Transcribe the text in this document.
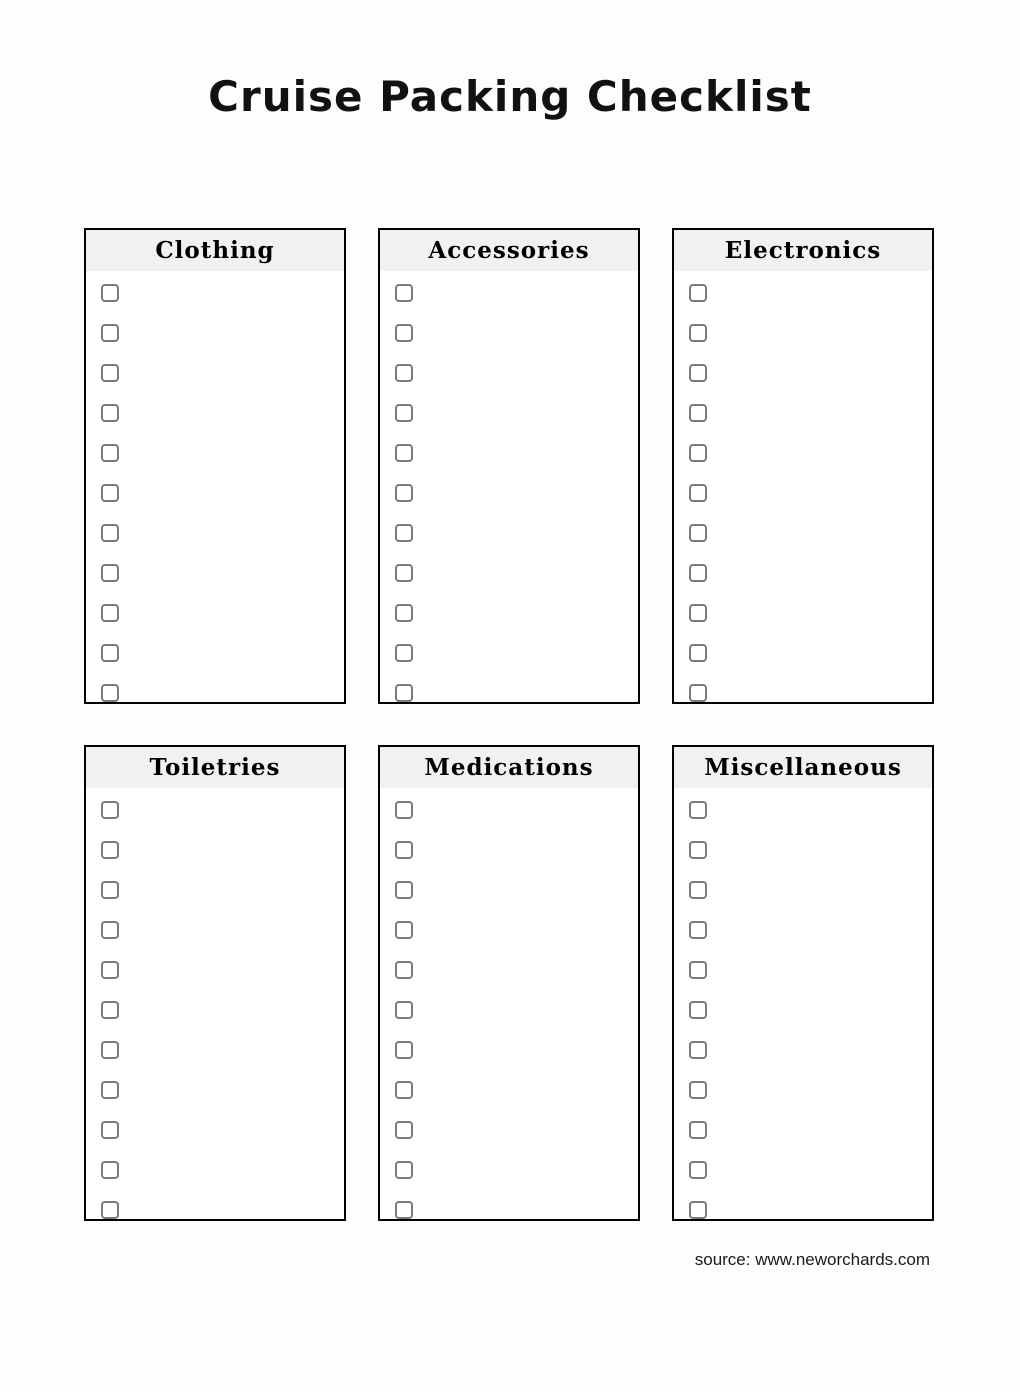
Cruise Packing Checklist
Clothing	Accessories	Electronics
Toiletries	Medications	Miscellaneous
source: www.neworchards.com
